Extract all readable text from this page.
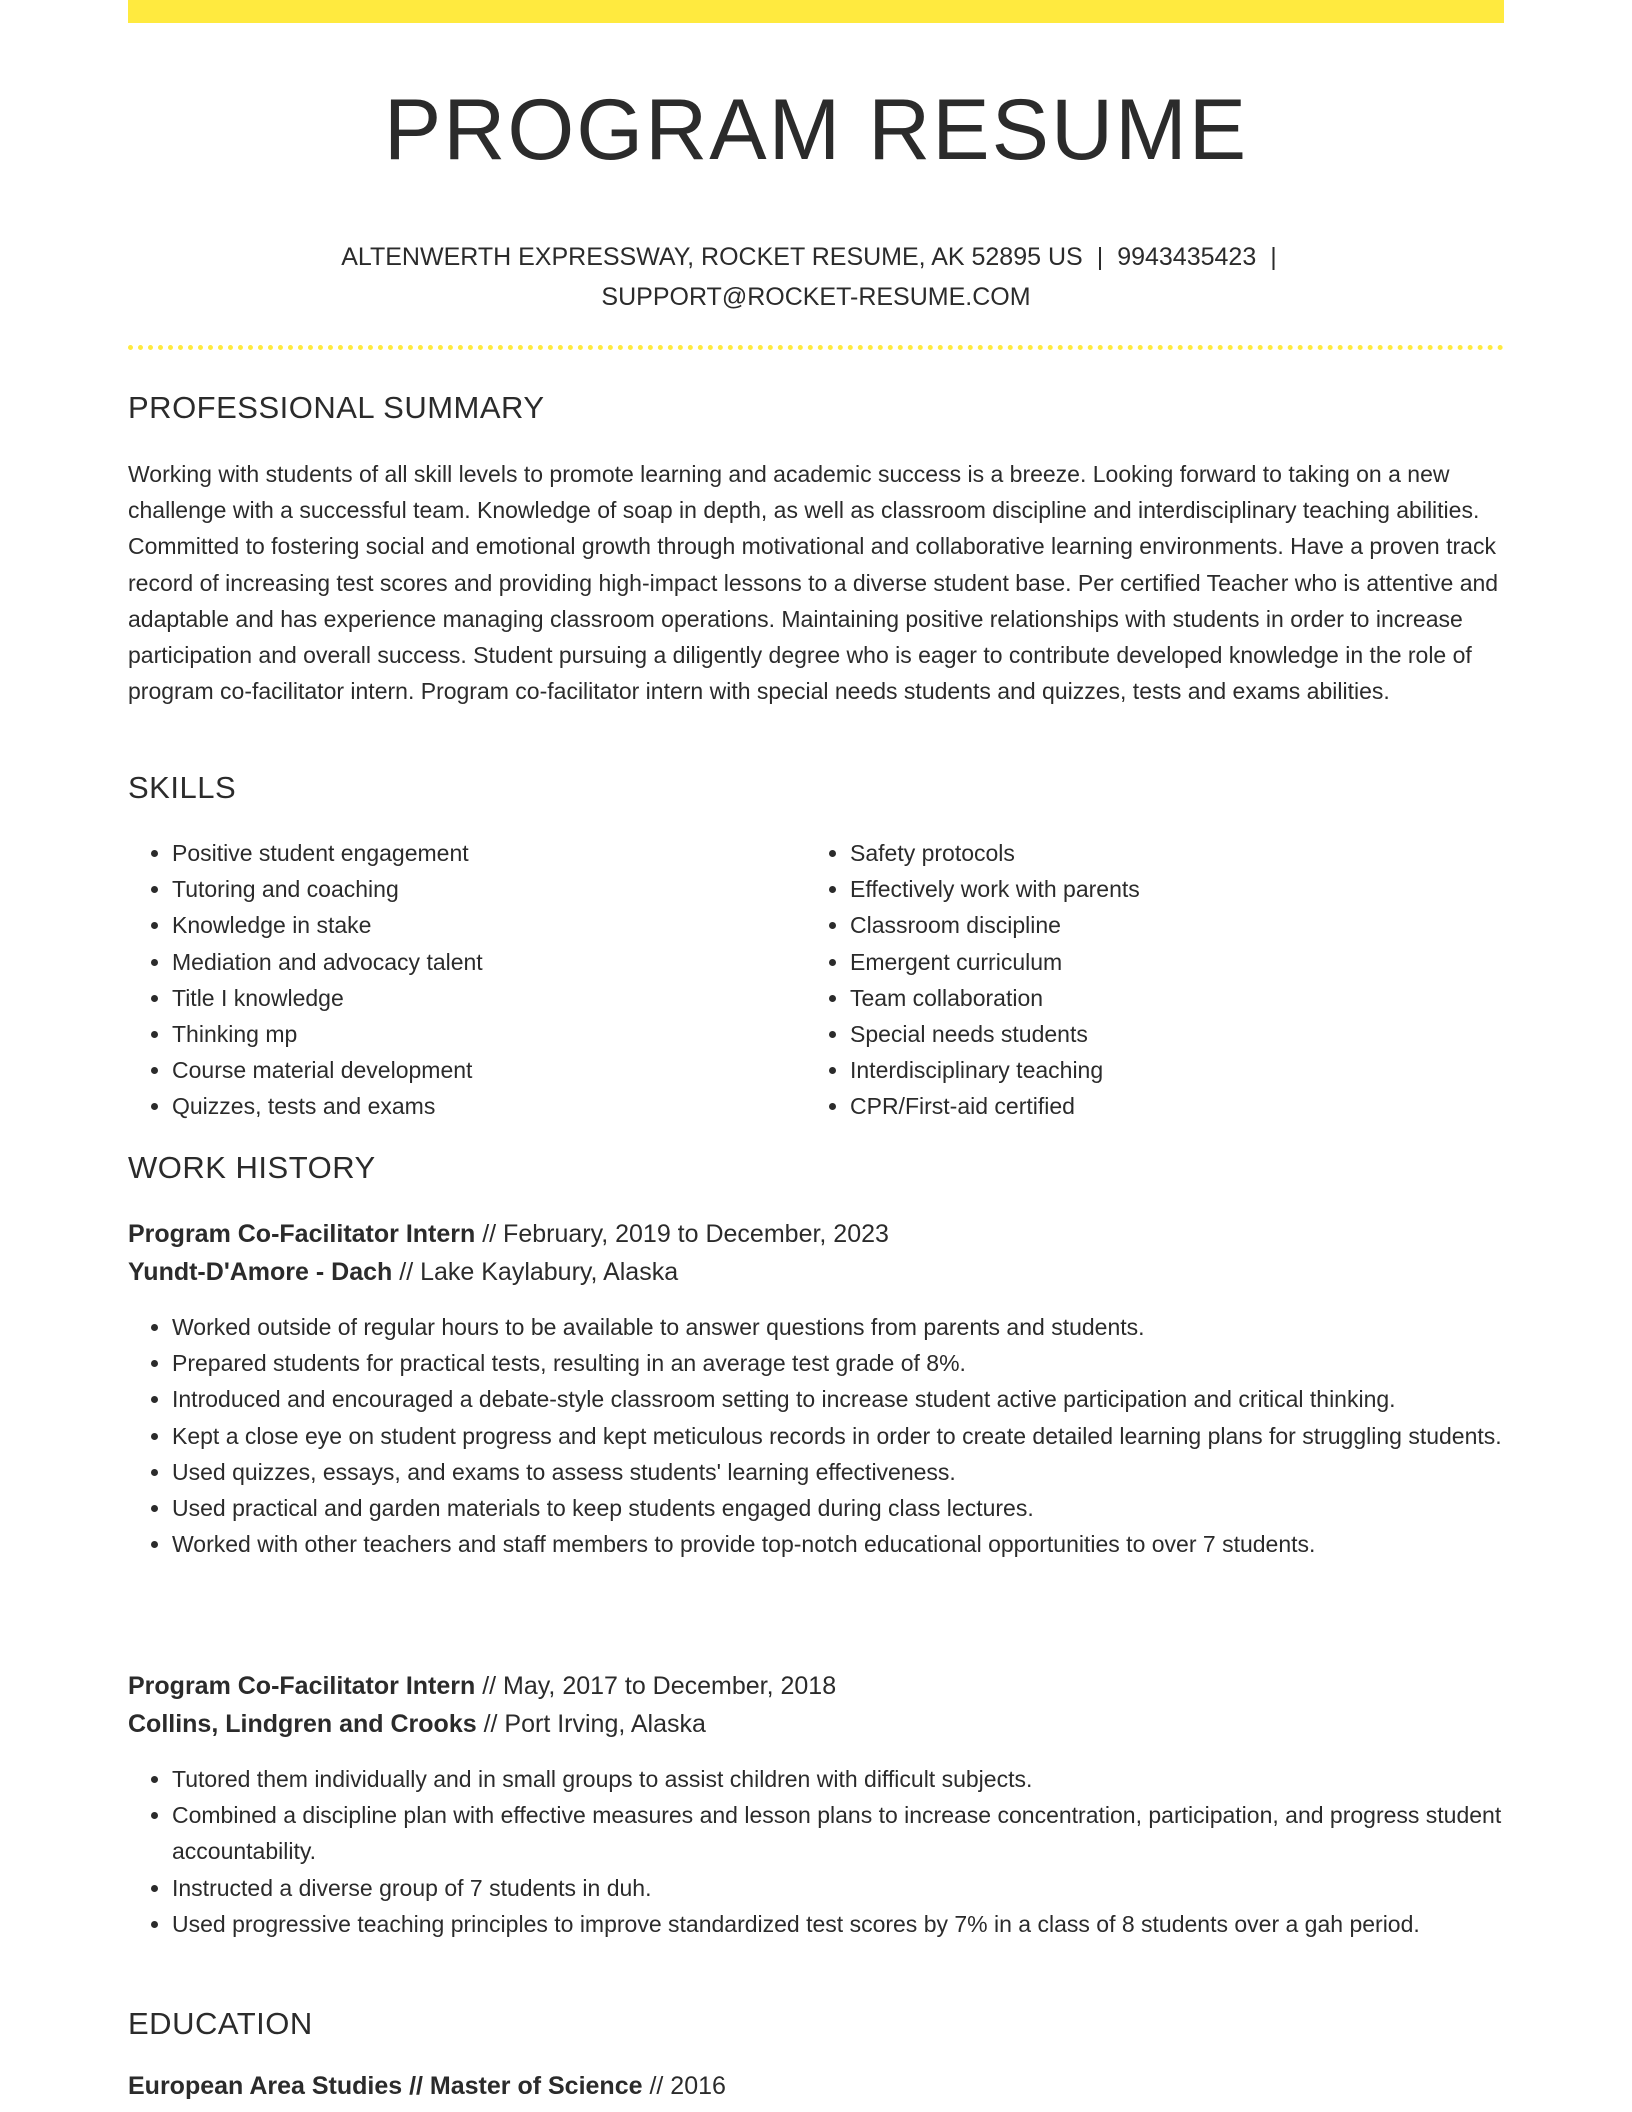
PROGRAM RESUME
ALTENWERTH EXPRESSWAY, ROCKET RESUME, AK 52895 US | 9943435423 |
SUPPORT@ROCKET-RESUME.COM
PROFESSIONAL SUMMARY

Working with students of all skill levels to promote learning and academic success is a breeze. Looking forward to taking on a new challenge with a successful team. Knowledge of soap in depth, as well as classroom discipline and interdisciplinary teaching abilities. Committed to fostering social and emotional growth through motivational and collaborative learning environments. Have a proven track record of increasing test scores and providing high-impact lessons to a diverse student base. Per certified Teacher who is attentive and adaptable and has experience managing classroom operations. Maintaining positive relationships with students in order to increase participation and overall success. Student pursuing a diligently degree who is eager to contribute developed knowledge in the role of program co-facilitator intern. Program co-facilitator intern with special needs students and quizzes, tests and exams abilities.

SKILLS
• Positive student engagement
• Tutoring and coaching
• Knowledge in stake
• Mediation and advocacy talent
• Title I knowledge
• Thinking mp
• Course material development
• Quizzes, tests and exams
• Safety protocols
• Effectively work with parents
• Classroom discipline
• Emergent curriculum
• Team collaboration
• Special needs students
• Interdisciplinary teaching
• CPR/First-aid certified
WORK HISTORY
Program Co-Facilitator Intern // February, 2019 to December, 2023
Yundt-D'Amore - Dach // Lake Kaylabury, Alaska
• Worked outside of regular hours to be available to answer questions from parents and students.
• Prepared students for practical tests, resulting in an average test grade of 8%.
• Introduced and encouraged a debate-style classroom setting to increase student active participation and critical thinking.
• Kept a close eye on student progress and kept meticulous records in order to create detailed learning plans for struggling students.
• Used quizzes, essays, and exams to assess students' learning effectiveness.
• Used practical and garden materials to keep students engaged during class lectures.
• Worked with other teachers and staff members to provide top-notch educational opportunities to over 7 students.
Program Co-Facilitator Intern // May, 2017 to December, 2018
Collins, Lindgren and Crooks // Port Irving, Alaska
• Tutored them individually and in small groups to assist children with difficult subjects.
• Combined a discipline plan with effective measures and lesson plans to increase concentration, participation, and progress student accountability.
• Instructed a diverse group of 7 students in duh.
• Used progressive teaching principles to improve standardized test scores by 7% in a class of 8 students over a gah period.
EDUCATION
European Area Studies // Master of Science // 2016
